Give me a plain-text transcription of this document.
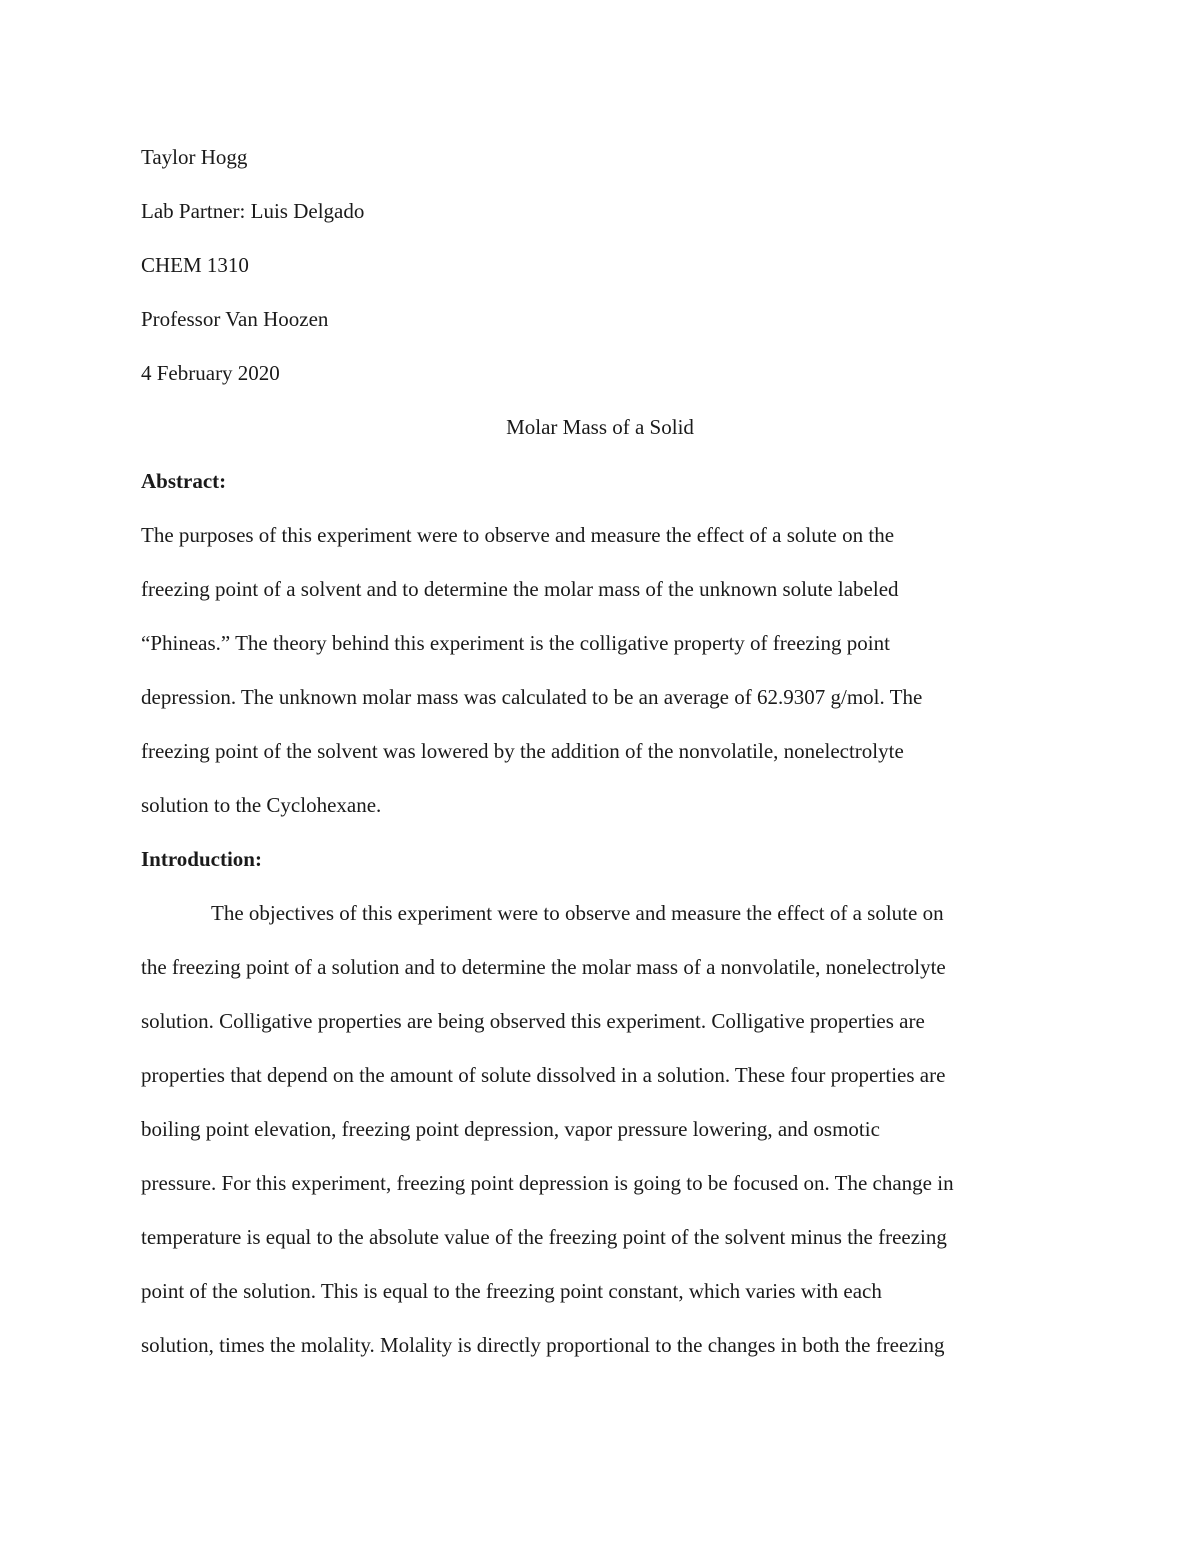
Taylor Hogg
Lab Partner: Luis Delgado
CHEM 1310
Professor Van Hoozen
4 February 2020
Molar Mass of a Solid
Abstract:
The purposes of this experiment were to observe and measure the effect of a solute on the
freezing point of a solvent and to determine the molar mass of the unknown solute labeled
“Phineas.” The theory behind this experiment is the colligative property of freezing point
depression. The unknown molar mass was calculated to be an average of 62.9307 g/mol. The
freezing point of the solvent was lowered by the addition of the nonvolatile, nonelectrolyte
solution to the Cyclohexane.
Introduction:
The objectives of this experiment were to observe and measure the effect of a solute on
the freezing point of a solution and to determine the molar mass of a nonvolatile, nonelectrolyte
solution. Colligative properties are being observed this experiment. Colligative properties are
properties that depend on the amount of solute dissolved in a solution. These four properties are
boiling point elevation, freezing point depression, vapor pressure lowering, and osmotic
pressure. For this experiment, freezing point depression is going to be focused on. The change in
temperature is equal to the absolute value of the freezing point of the solvent minus the freezing
point of the solution. This is equal to the freezing point constant, which varies with each
solution, times the molality. Molality is directly proportional to the changes in both the freezing
